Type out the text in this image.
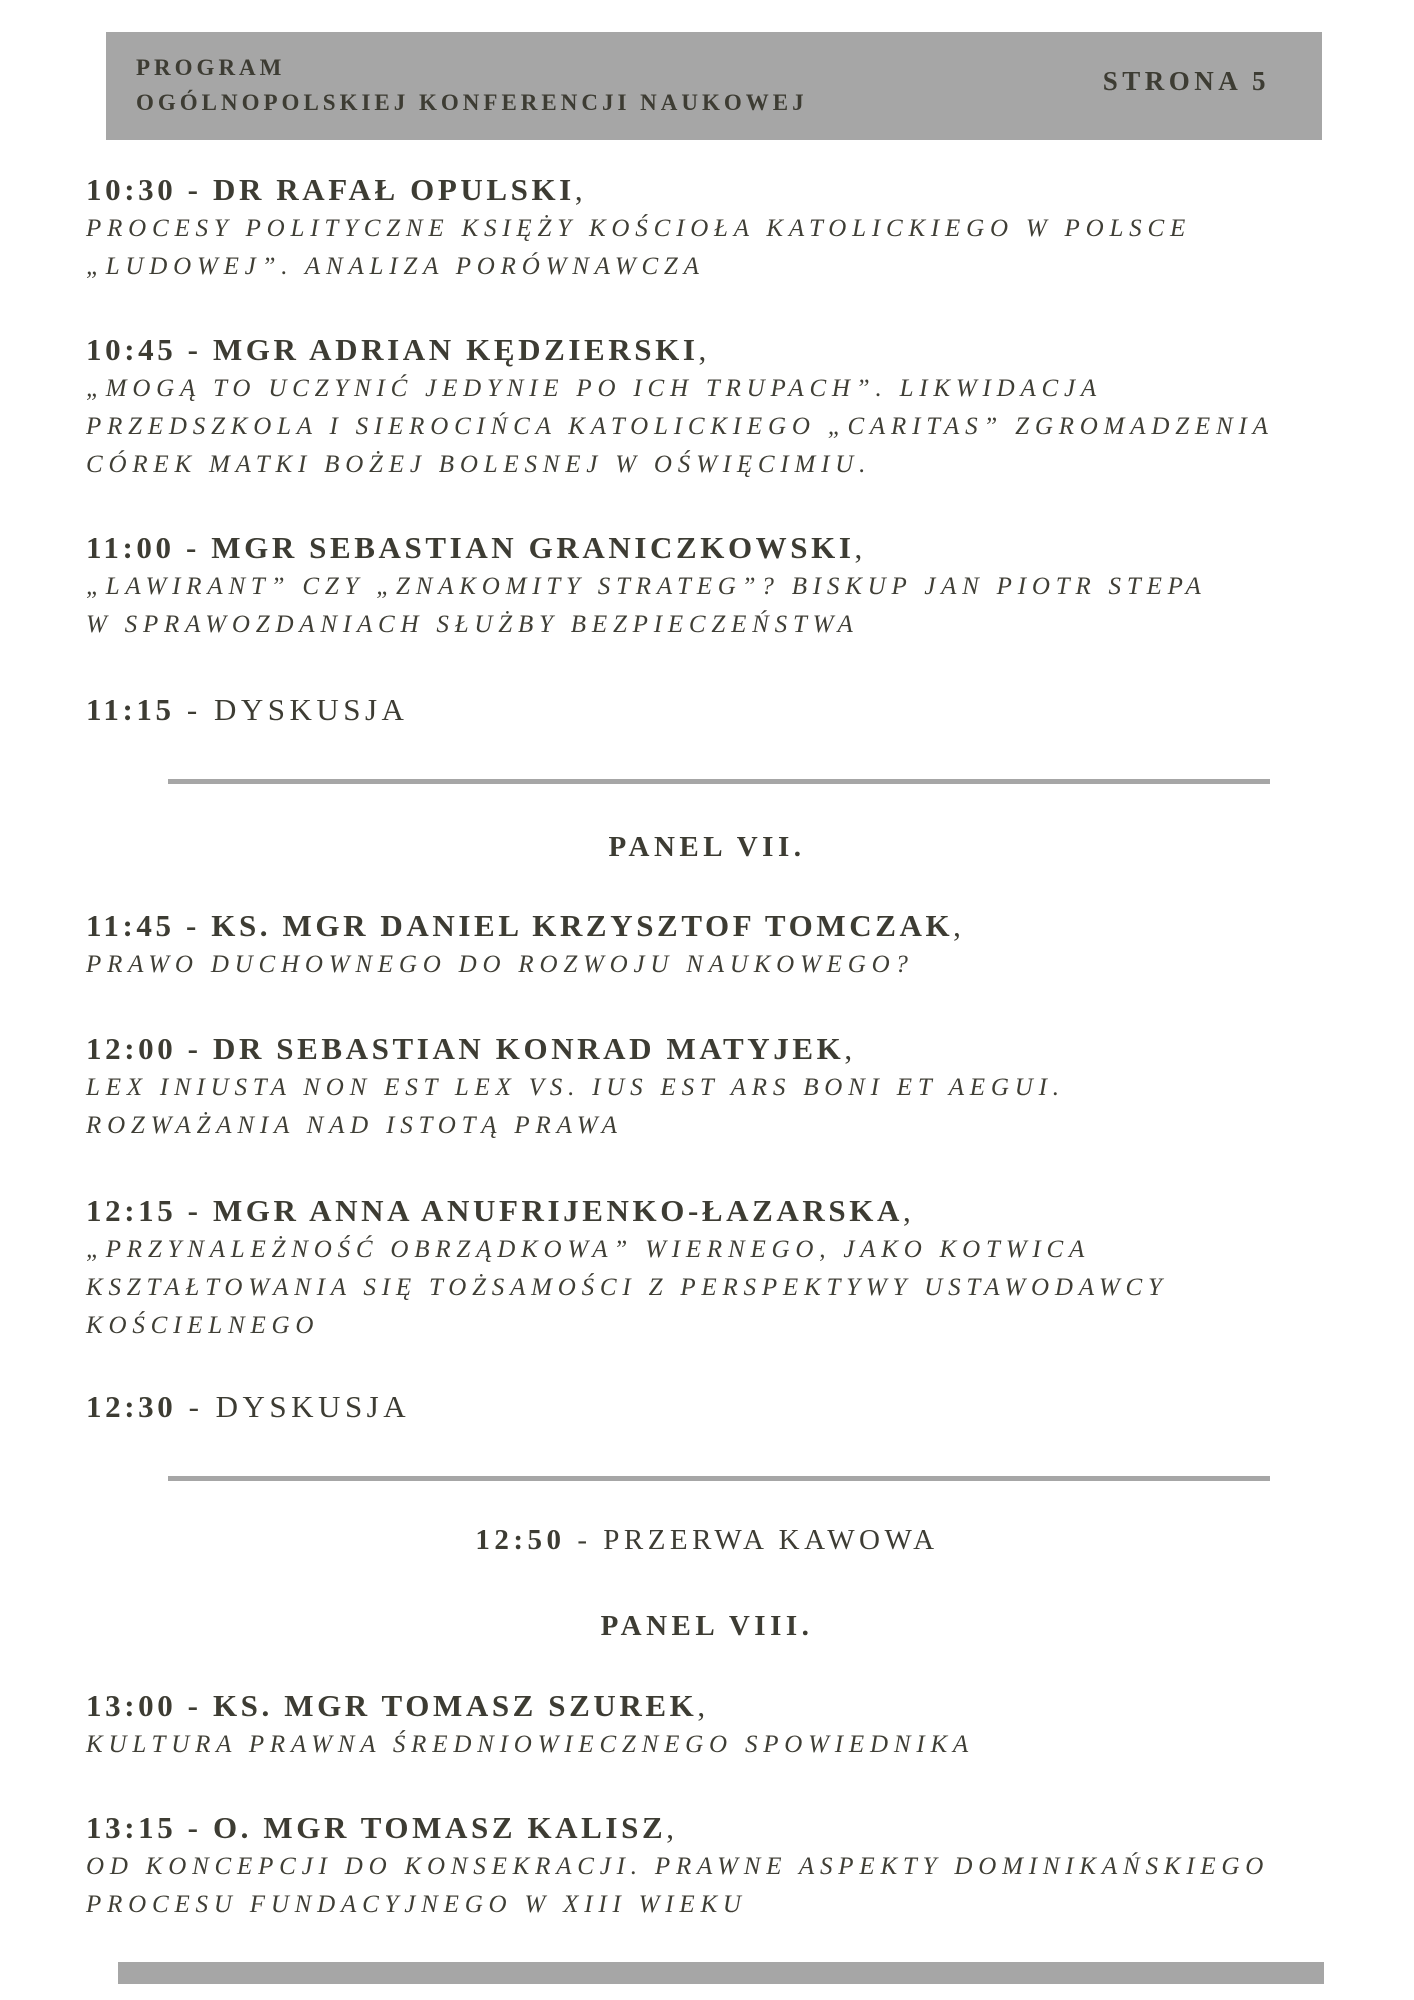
PROGRAM
OGÓLNOPOLSKIEJ KONFERENCJI NAUKOWEJ
STRONA 5
10:30 - DR RAFAŁ OPULSKI,
PROCESY POLITYCZNE KSIĘŻY KOŚCIOŁA KATOLICKIEGO W POLSCE
„LUDOWEJ”. ANALIZA PORÓWNAWCZA
10:45 - MGR ADRIAN KĘDZIERSKI,
„MOGĄ TO UCZYNIĆ JEDYNIE PO ICH TRUPACH”. LIKWIDACJA
PRZEDSZKOLA I SIEROCIŃCA KATOLICKIEGO „CARITAS” ZGROMADZENIA
CÓREK MATKI BOŻEJ BOLESNEJ W OŚWIĘCIMIU.
11:00 - MGR SEBASTIAN GRANICZKOWSKI,
„LAWIRANT” CZY „ZNAKOMITY STRATEG”? BISKUP JAN PIOTR STEPA
W SPRAWOZDANIACH SŁUŻBY BEZPIECZEŃSTWA
11:15 - DYSKUSJA
PANEL VII.
11:45 - KS. MGR DANIEL KRZYSZTOF TOMCZAK,
PRAWO DUCHOWNEGO DO ROZWOJU NAUKOWEGO?
12:00 - DR SEBASTIAN KONRAD MATYJEK,
LEX INIUSTA NON EST LEX VS. IUS EST ARS BONI ET AEGUI.
ROZWAŻANIA NAD ISTOTĄ PRAWA
12:15 - MGR ANNA ANUFRIJENKO-ŁAZARSKA,
„PRZYNALEŻNOŚĆ OBRZĄDKOWA” WIERNEGO, JAKO KOTWICA
KSZTAŁTOWANIA SIĘ TOŻSAMOŚCI Z PERSPEKTYWY USTAWODAWCY
KOŚCIELNEGO
12:30 - DYSKUSJA
12:50 - PRZERWA KAWOWA
PANEL VIII.
13:00 - KS. MGR TOMASZ SZUREK,
KULTURA PRAWNA ŚREDNIOWIECZNEGO SPOWIEDNIKA
13:15 - O. MGR TOMASZ KALISZ,
OD KONCEPCJI DO KONSEKRACJI. PRAWNE ASPEKTY DOMINIKAŃSKIEGO
PROCESU FUNDACYJNEGO W XIII WIEKU
